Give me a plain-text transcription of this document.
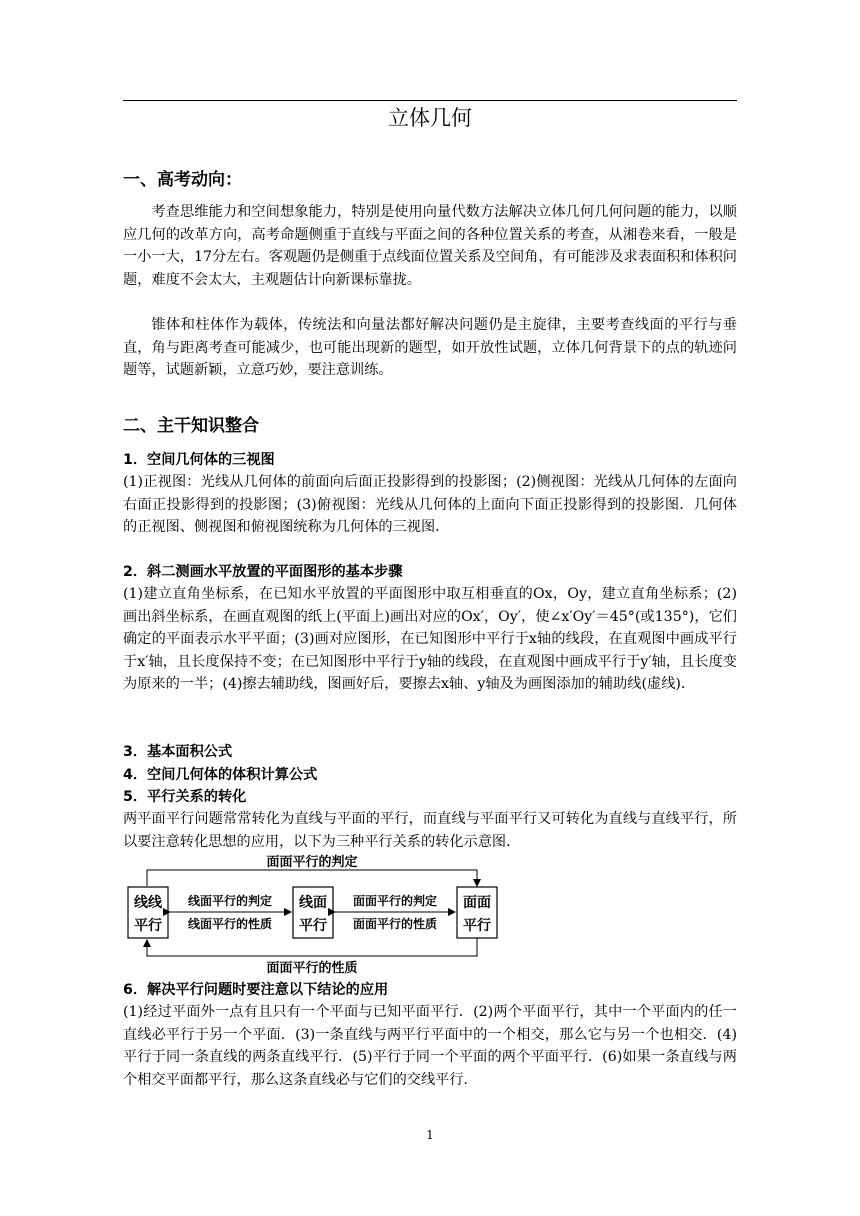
立体几何
一、高考动向：
考查思维能力和空间想象能力，特别是使用向量代数方法解决立体几何几何问题的能力，以顺应几何的改革方向，高考命题侧重于直线与平面之间的各种位置关系的考查，从湘卷来看，一般是一小一大，17分左右。客观题仍是侧重于点线面位置关系及空间角，有可能涉及求表面积和体积问题，难度不会太大，主观题估计向新课标靠拢。
锥体和柱体作为载体，传统法和向量法都好解决问题仍是主旋律，主要考查线面的平行与垂直，角与距离考查可能减少，也可能出现新的题型，如开放性试题，立体几何背景下的点的轨迹问题等，试题新颖，立意巧妙，要注意训练。
二、主干知识整合
1．空间几何体的三视图
(1)正视图：光线从几何体的前面向后面正投影得到的投影图；(2)侧视图：光线从几何体的左面向右面正投影得到的投影图；(3)俯视图：光线从几何体的上面向下面正投影得到的投影图．几何体的正视图、侧视图和俯视图统称为几何体的三视图．
2．斜二测画水平放置的平面图形的基本步骤
(1)建立直角坐标系，在已知水平放置的平面图形中取互相垂直的Ox，Oy，建立直角坐标系；(2)画出斜坐标系，在画直观图的纸上(平面上)画出对应的Ox′，Oy′，使∠x′Oy′＝45°(或135°)，它们确定的平面表示水平平面；(3)画对应图形，在已知图形中平行于x轴的线段，在直观图中画成平行于x′轴，且长度保持不变；在已知图形中平行于y轴的线段，在直观图中画成平行于y′轴，且长度变为原来的一半；(4)擦去辅助线，图画好后，要擦去x轴、y轴及为画图添加的辅助线(虚线)．
3．基本面积公式
4．空间几何体的体积计算公式
5．平行关系的转化
两平面平行问题常常转化为直线与平面的平行，而直线与平面平行又可转化为直线与直线平行，所以要注意转化思想的应用，以下为三种平行关系的转化示意图．
面面平行的判定
面面平行的性质
线线
平行
线面
平行
面面
平行
线面平行的判定
线面平行的性质
面面平行的判定
面面平行的性质
6．解决平行问题时要注意以下结论的应用
(1)经过平面外一点有且只有一个平面与已知平面平行．(2)两个平面平行，其中一个平面内的任一直线必平行于另一个平面．(3)一条直线与两平行平面中的一个相交，那么它与另一个也相交．(4)平行于同一条直线的两条直线平行．(5)平行于同一个平面的两个平面平行．(6)如果一条直线与两个相交平面都平行，那么这条直线必与它们的交线平行．
1
